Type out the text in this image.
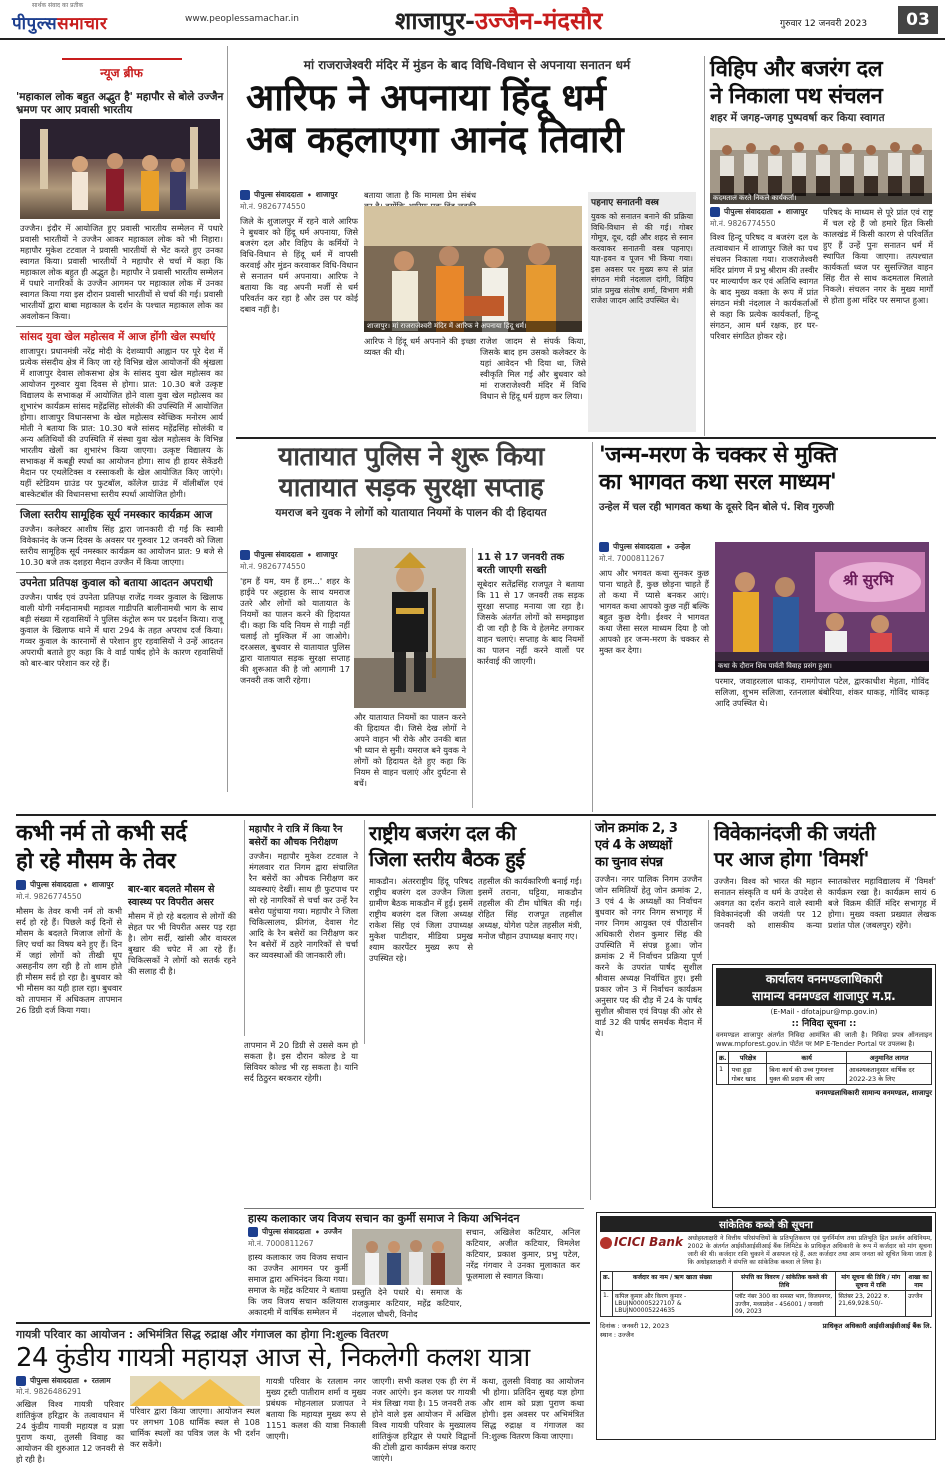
सार्थक संवाद का प्रतीक
पीपुल्ससमाचार	www.peoplessamachar.in	शाजापुर-उज्जैन-मंदसौर	गुरुवार 12 जनवरी 2023	03
न्यूज ब्रीफ
'महाकाल लोक बहुत अद्भुत है' महापौर से बोले उज्जैन भ्रमण पर आए प्रवासी भारतीय
उज्जैन। इंदौर में आयोजित हुए प्रवासी भारतीय सम्मेलन में पधारे प्रवासी भारतीयों ने उज्जैन आकर महाकाल लोक को भी निहारा। महापौर मुकेश टटवाल ने प्रवासी भारतीयों से भेंट करते हुए उनका स्वागत किया। प्रवासी भारतीयों ने महापौर से चर्चा में कहा कि महाकाल लोक बहुत ही अद्भुत है। महापौर ने प्रवासी भारतीय सम्मेलन में पधारे नागरिकों के उज्जैन आगमन पर महाकाल लोक में उनका स्वागत किया गया इस दौरान प्रवासी भारतीयों से चर्चा की गई। प्रवासी भारतीयों द्वारा बाबा महाकाल के दर्शन के पश्चात महाकाल लोक का अवलोकन किया।
सांसद युवा खेल महोत्सव में आज होंगी खेल स्पर्धाएं
शाजापुर। प्रधानमंत्री नरेंद्र मोदी के देशव्यापी आह्वान पर पूरे देश में प्रत्येक संसदीय क्षेत्र में किए जा रहे विभिन्न खेल आयोजनों की श्रृंखला में शाजापुर देवास लोकसभा क्षेत्र के सांसद युवा खेल महोत्सव का आयोजन गुरुवार युवा दिवस से होगा। प्रात: 10.30 बजे उत्कृष्ट विद्यालय के सभाकक्ष में आयोजित होने वाला युवा खेल महोत्सव का शुभारंभ कार्यक्रम सांसद महेंद्रसिंह सोलंकी की उपस्थिति में आयोजित होगा। शाजापुर विधानसभा के खेल महोत्सव स्वेच्छिक मनोरम आर्य मोती ने बताया कि प्रात: 10.30 बजे सांसद महेंद्रसिंह सोलंकी व अन्य अतिथियों की उपस्थिति में संस्था युवा खेल महोत्सव के विभिन्न भारतीय खेलों का शुभारंभ किया जाएगा। उत्कृष्ट विद्यालय के सभाकक्ष में कबड्डी स्पर्धा का आयोजन होगा। साथ ही हायर सेकेंडरी मैदान पर एथलेटिक्स व रस्साकशी के खेल आयोजित किए जाएंगे। यहीं स्टेडियम ग्राउंड पर फुटबॉल, कॉलेज ग्राउंड में वॉलीबॉल एवं बास्केटबॉल की विधानसभा स्तरीय स्पर्धा आयोजित होगी।
जिला स्तरीय सामूहिक सूर्य नमस्कार कार्यक्रम आज
उज्जैन। कलेक्टर आशीष सिंह द्वारा जानकारी दी गई कि स्वामी विवेकानंद के जन्म दिवस के अवसर पर गुरुवार 12 जनवरी को जिला स्तरीय सामूहिक सूर्य नमस्कार कार्यक्रम का आयोजन प्रात: 9 बजे से 10.30 बजे तक दशहरा मैदान उज्जैन में किया जाएगा।
उपनेता प्रतिपक्ष कुवाल को बताया आदतन अपराधी
उज्जैन। पार्षद एवं उपनेता प्रतिपक्ष राजेंद्र गव्वर कुवाल के खिलाफ वाली योगी नर्मदानामधी महावल गाडीपति बालीनामधी भाग के साथ बड़ी संख्या में रहवासियों ने पुलिस कंट्रोल रूम पर प्रदर्शन किया। राजू कुवाल के खिलाफ थाने में धारा 294 के तहत अपराध दर्ज किया। गव्वर कुवाल के कारनामों से परेशान हुए रहवासियों ने उन्हें आदतन अपराधी बताते हुए कहा कि वे वार्ड पार्षद होने के कारण रहवासियों को बार-बार परेशान कर रहे हैं।
मां राजराजेश्वरी मंदिर में मुंडन के बाद विधि-विधान से अपनाया सनातन धर्म
आरिफ ने अपनाया हिंदू धर्म
अब कहलाएगा आनंद तिवारी
पीपुल्स संवाददाता • शाजापुर
मो.नं. 9826774550
जिले के शुजालपुर में रहने वाले आरिफ ने बुधवार को हिंदू धर्म अपनाया, जिसे बजरंग दल और विहिप के कर्मियों ने विधि-विधान से हिंदू धर्म में वापसी करवाई और मुंडन करवाकर विधि-विधान से सनातन धर्म अपनाया। आरिफ ने बताया कि वह अपनी मर्जी से धर्म परिवर्तन कर रहा है और उस पर कोई दबाव नहीं है।
बताया जाता है कि मामला प्रेम संबंध
शाजापुर। मां राजराजेश्वरी मंदिर में आरिफ ने अपनाया हिंदू धर्म।
आरिफ ने हिंदू धर्म अपनाने की इच्छा व्यक्त की थी।
राजेश जादम से संपर्क किया, जिसके बाद हम उसको कलेक्टर के यहां आवेदन भी दिया था, जिसे स्वीकृति मिल गई और बुधवार को मां राजराजेश्वरी मंदिर में विधि विधान से हिंदू धर्म ग्रहण कर लिया।
पहनाए सनातनी वस्त्र
युवक को सनातन बनाने की प्रक्रिया विधि-विधान से की गई। गोबर गोमूत्र, दूध, दही और शहद से स्नान करवाकर सनातनी वस्त्र पहनाए। यज्ञ-हवन व पूजन भी किया गया। इस अवसर पर मुख्य रूप से प्रांत संगठन मंत्री नंदलाल दांगी, विहिप प्रांत प्रमुख संतोष शर्मा, विभाग मंत्री राजेश जादम आदि उपस्थित थे।
विहिप और बजरंग दल
ने निकाला पथ संचलन
शहर में जगह-जगह पुष्पवर्षा कर किया स्वागत
कदमताल करते निकले कार्यकर्ता।
पीपुल्स संवाददाता • शाजापुर
मो.नं. 9826774550
विश्व हिन्दू परिषद व बजरंग दल के तत्वावधान में शाजापुर जिले का पथ संचलन निकाला गया। राजराजेश्वरी मंदिर प्रांगण में प्रभु श्रीराम की तस्वीर पर माल्यार्पण कर एवं अतिथि स्वागत के बाद मुख्य वक्ता के रूप में प्रांत संगठन मंत्री नंदलाल ने कार्यकर्ताओं से कहा कि प्रत्येक कार्यकर्ता, हिन्दू संगठन, आम धर्म रक्षक, हर घर-परिवार संगठित होकर रहे।
परिषद के माध्यम से पूरे प्रांत एवं राष्ट्र में चल रहे हैं जो हमारे हित किसी कालखंड में किसी कारण से परिवर्तित हुए हैं उन्हें पुनः सनातन धर्म में स्थापित किया जाएगा। तत्पश्चात कार्यकर्ता ध्वज पर सुसज्जित वाहन सिंह रीत से साथ कदमताल मिलाते निकले। संचलन नगर के मुख्य मार्गों से होता हुआ मंदिर पर समाप्त हुआ।
यातायात पुलिस ने शुरू किया
यातायात सड़क सुरक्षा सप्ताह
यमराज बने युवक ने लोगों को यातायात नियमों के पालन की दी हिदायत
पीपुल्स संवाददाता • शाजापुर
मो.नं. 9826774550
'हम हैं यम, यम हैं हम...' शहर के हाईवे पर अट्टहास के साथ यमराज उतरे और लोगों को यातायात के नियमों का पालन करने की हिदायत दी। कहा कि यदि नियम से गाड़ी नहीं चलाई तो मुश्किल में आ जाओगे। दरअसल, बुधवार से यातायात पुलिस द्वारा यातायात सड़क सुरक्षा सप्ताह की शुरूआत की है जो आगामी 17 जनवरी तक जारी रहेगा।
और यातायात नियमों का पालन करने की हिदायत दी। जिसे देख लोगों ने अपने वाहन भी रोके और उनकी बात भी ध्यान से सुनी। यमराज बने युवक ने लोगों को हिदायत देते हुए कहा कि नियम से वाहन चलाएं और दुर्घटना से बचें।
11 से 17 जनवरी तक बरती जाएगी सख्ती
सूबेदार सतेंद्रसिंह राजपूत ने बताया कि 11 से 17 जनवरी तक सड़क सुरक्षा सप्ताह मनाया जा रहा है। जिसके अंतर्गत लोगों को समझाइश दी जा रही है कि वे हेलमेट लगाकर वाहन चलाएं। सप्ताह के बाद नियमों का पालन नहीं करने वालों पर कार्रवाई की जाएगी।
'जन्म-मरण के चक्कर से मुक्ति
का भागवत कथा सरल माध्यम'
उन्हेल में चल रही भागवत कथा के दूसरे दिन बोले पं. शिव गुरुजी
पीपुल्स संवाददाता • उन्हेल
मो.नं. 7000811267
आप और भगवत कथा सुनकर कुछ पाना चाहते हैं, कुछ छोड़ना चाहते हैं तो कथा में प्यासे बनकर आएं। भागवत कथा आपको कुछ नहीं बल्कि बहुत कुछ देगी। ईश्वर ने भागवत कथा जैसा सरल माध्यम दिया है जो आपको हर जन्म-मरण के चक्कर से मुक्त कर देगा।
श्री सुरभि
कथा के दौरान शिव पार्वती विवाह प्रसंग हुआ।
परमार, जवाहरलाल धाकड़, रामगोपाल पटेल, द्वारकाधीश मेहता, गोविंद सलिजा, शुभम सलिजा, रतनलाल बंबोरिया, शंकर धाकड़, गोविंद धाकड़ आदि उपस्थित थे।
कभी नर्म तो कभी सर्द
हो रहे मौसम के तेवर
पीपुल्स संवाददाता • शाजापुर
मो.नं. 9826774550
मौसम के तेवर कभी नर्म तो कभी सर्द हो रहे हैं। पिछले कई दिनों से मौसम के बदलते मिजाज लोगों के लिए चर्चा का विषय बने हुए हैं। दिन में जहां लोगों को तीखी धूप असहनीय लग रही है तो शाम होते ही मौसम सर्द हो रहा है। बुधवार को भी मौसम का यही हाल रहा। बुधवार को तापमान में अधिकतम तापमान 26 डिग्री दर्ज किया गया।
बार-बार बदलते मौसम से स्वास्थ्य पर विपरीत असर
मौसम में हो रहे बदलाव से लोगों की सेहत पर भी विपरीत असर पड़ रहा है। लोग सर्दी, खांसी और वायरल बुखार की चपेट में आ रहे हैं। चिकित्सकों ने लोगों को सतर्क रहने की सलाह दी है।
तापमान में 20 डिग्री से उससे कम हो सकता है। इस दौरान कोल्ड डे या सिवियर कोल्ड भी रह सकता है। यानि सर्द ठिठुरन बरकरार रहेगी।
महापौर ने रात्रि में किया रैन बसेरों का औचक निरीक्षण
उज्जैन। महापौर मुकेश टटवाल ने मंगलवार रात निगम द्वारा संचालित रैन बसेरों का औचक निरीक्षण कर व्यवस्थाएं देखीं। साथ ही फुटपाथ पर सो रहे नागरिकों से चर्चा कर उन्हें रैन बसेरा पहुंचाया गया। महापौर ने जिला चिकित्सालय, फ्रीगंज, देवास गेट आदि के रैन बसेरों का निरीक्षण कर रैन बसेरों में ठहरे नागरिकों से चर्चा कर व्यवस्थाओं की जानकारी ली।
राष्ट्रीय बजरंग दल की
जिला स्तरीय बैठक हुई
माकडौन। अंतरराष्ट्रीय हिंदू परिषद राष्ट्रीय बजरंग दल उज्जैन जिला ग्रामीण बैठक माकडौन में हुई। इसमें राष्ट्रीय बजरंग दल जिला अध्यक्ष राकेश सिंह एवं जिला उपाध्यक्ष मुकेश पाटीदार, मीडिया प्रमुख श्याम कारपेंटर मुख्य रूप से उपस्थित रहे।
तहसील की कार्यकारिणी बनाई गई। इसमें तराना, घट्टिया, माकडौन तहसील की टीम घोषित की गई। रोहित सिंह राजपूत तहसील अध्यक्ष, योगेश पटेल तहसील मंत्री, मनोज चौहान उपाध्यक्ष बनाए गए।
जोन क्रमांक 2, 3
एवं 4 के अध्यक्षों
का चुनाव संपन्न
उज्जैन। नगर पालिक निगम उज्जैन जोन समितियों हेतु जोन क्रमांक 2, 3 एवं 4 के अध्यक्षों का निर्वाचन बुधवार को नगर निगम सभागृह में नगर निगम आयुक्त एवं पीठासीन अधिकारी रोशन कुमार सिंह की उपस्थिति में संपन्न हुआ। जोन क्रमांक 2 में निर्वाचन प्रक्रिया पूर्ण करने के उपरांत पार्षद सुशील श्रीवास अध्यक्ष निर्वाचित हुए। इसी प्रकार जोन 3 में निर्वाचन कार्यक्रम अनुसार पद की दौड़ में 24 के पार्षद सुशील श्रीवास एवं विपक्ष की ओर से वार्ड 32 की पार्षद समर्थक मैदान में थे।
विवेकानंदजी की जयंती
पर आज होगा 'विमर्श'
उज्जैन। विश्व को भारत की महान सनातन संस्कृति व धर्म के उपदेश से अवगत का दर्शन कराने वाले स्वामी विवेकानंदजी की जयंती पर 12 जनवरी को शासकीय कन्या स्नातकोत्तर महाविद्यालय में 'विमर्श' कार्यक्रम रखा है। कार्यक्रम सायं 6 बजे विक्रम कीर्ति मंदिर सभागृह में होगा। मुख्य वक्ता प्रख्यात लेखक प्रशांत पोल (जबलपुर) रहेंगे।
कार्यालय वनमण्डलाधिकारी
सामान्य वनमण्डल शाजापुर म.प्र.
(E-Mail - dfotajpur@mp.gov.in)
:: निविदा सूचना ::
वनमण्डल शाजापुर अंतर्गत निविदा आमंत्रित की जाती है। निविदा प्रपत्र ऑनलाइन www.mpforest.gov.in पोर्टल पर MP E-Tender Portal पर उपलब्ध है।
क्र.	परिक्षेत्र	कार्य	अनुमानित लागत
1	पचा हूड़ा गोबर खाद	बिना कार्य की उच्च गुणवत्ता युक्त की प्रदाय की जाए	आवश्यकतानुसार वार्षिक दर 2022-23 के लिए
वनमण्डलाधिकारी सामान्य वनमण्डल, शाजापुर
हास्य कलाकार जय विजय सचान का कुर्मी समाज ने किया अभिनंदन
पीपुल्स संवाददाता • उज्जैन
मो.नं. 7000811267
हास्य कलाकार जय विजय सचान का उज्जैन आगमन पर कुर्मी समाज द्वारा अभिनंदन किया गया। समाज के महेंद्र कटियार ने बताया कि जय विजय सचान कलियास अकादमी में वार्षिक सम्मेलन में
प्रस्तुति देने पधारे थे। समाज के राजकुमार कटियार, महेंद्र कटियार, नंदलाल चौधरी, विनोद
सचान, अखिलेश कटियार, अनिल कटियार, अजीत कटियार, विमलेश कटियार, प्रकाश कुमार, प्रभु पटेल, नरेंद्र गंगवार ने उनका मुलाकात कर फूलमाला से स्वागत किया।
गायत्री परिवार का आयोजन : अभिमंत्रित सिद्ध रुद्राक्ष और गंगाजल का होगा नि:शुल्क वितरण
24 कुंडीय गायत्री महायज्ञ आज से, निकलेगी कलश यात्रा
पीपुल्स संवाददाता • रतलाम
मो.नं. 9826486291
अखिल विश्व गायत्री परिवार शांतिकुंज हरिद्वार के तत्वावधान में 24 कुंडीय गायत्री महायज्ञ व प्रज्ञा पुराण कथा, तुलसी विवाह का आयोजन की शुरुआत 12 जनवरी से हो रही है।
परिवार द्वारा किया जाएगा। आयोजन स्थल पर लगभग 108 धार्मिक स्थल से 108 धार्मिक स्थलों का पवित्र जल के भी दर्शन कर सकेंगे।
गायत्री परिवार के रतलाम नगर मुख्य ट्रस्टी पातीराम शर्मा व मुख्य प्रबंधक मोहनलाल प्रजापत ने बताया कि महायज्ञ मुख्य रूप से 1151 कलश की यात्रा निकाली जाएगी।
जाएगी। सभी कलश एक ही रंग में नजर आएंगे। इन कलश पर गायत्री मंत्र लिखा गया है। 15 जनवरी तक होने वाले इस आयोजन में अखिल विश्व गायत्री परिवार के मुख्यालय शांतिकुंज हरिद्वार से पधारे विद्वानों की टोली द्वारा कार्यक्रम संपन्न कराए जाएंगे।
कथा, तुलसी विवाह का आयोजन भी होगा। प्रतिदिन सुबह यज्ञ होगा और शाम को प्रज्ञा पुराण कथा होगी। इस अवसर पर अभिमंत्रित सिद्ध रुद्राक्ष व गंगाजल का नि:शुल्क वितरण किया जाएगा।
सांकेतिक कब्जे की सूचना
ICICI Bank अधोहस्ताक्षरी ने वित्तीय परिसंपत्तियों के प्रतिभूतिकरण एवं पुनर्निर्माण तथा प्रतिभूति हित प्रवर्तन अधिनियम, 2002 के अंतर्गत आईसीआईसीआई बैंक लिमिटेड के प्राधिकृत अधिकारी के रूप में कर्जदार को मांग सूचना जारी की थी। कर्जदार राशि चुकाने में असफल रहे हैं, अतः कर्जदार तथा आम जनता को सूचित किया जाता है कि अधोहस्ताक्षरी ने संपत्ति का सांकेतिक कब्जा ले लिया है।
क्र.	कर्जदार का नाम / ऋण खाता संख्या	संपत्ति का विवरण / सांकेतिक कब्जे की तिथि	मांग सूचना की तिथि / मांग सूचना में राशि	शाखा का नाम
1.	कपिल कुमार और किरण कुमार - LBUJN00005227107 & LBUJN00005224635	प्लॉट नंबर 300 का समस्त भाग, विजयनगर, उज्जैन, मध्यप्रदेश - 456001 / जनवरी 09, 2023	सितंबर 23, 2022 रु. 21,69,928.50/-	उज्जैन
दिनांक : जनवरी 12, 2023
स्थान : उज्जैन
प्राधिकृत अधिकारी आईसीआईसीआई बैंक लि.
